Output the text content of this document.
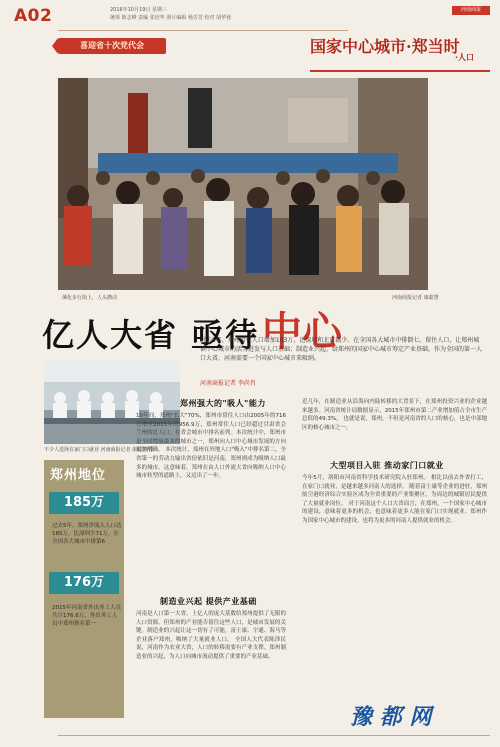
A02	2016年10月19日 星期三
统筹 陈志峰 责编 张培华 照片编辑 杨芳芳 校对 胡华蓉
喜迎省十次党代会
河南商报
国家中心城市·郑当时
·人口
漯化步行街上，人头攒动	河南商报记者 康聪慧
亿人大省 亟待 中心
过去5年，郑州常住人口增加103万，比深圳和北京都少。在全国各大城市中排倒七。留住人口，让郑州城镇中心城市的活力迸发与人口基础；制造业兴起，给郑州的国家中心城市筹定产业基础。作为全国的第一人口大省，河南需要一个国家中心城市来吸纳。
河南商报记者 李尚肖
不少人选择在家门口就业 河南商报记者 康聪慧/摄
郑州地位
185万
过去5年，郑州净流入人口达185万，比深圳少71万，在全国各大城市中排第6
176万
2015年河南省外出务工人员共计176.6万，外出务工人员中郑州排名第一
郑州强大的"吸人"能力
10年间，郑州"长大"70%，郑州市常住人口由2005年的716万增至2015年的956.9万，郑州常住人口已经超过甘肃省会兰州的总人口，在省会城市中排名前列。本次统计中，郑州市是全国增量最多的城市之一，郑州向人口中心城市发展的方向更加明确。 本次统计，郑州在外地人口"吸入"中排名第二，全省第一的劳动力输出省份依旧是河南，郑州则成为吸纳人口最多的城市。这意味着，郑州在由人口外流大省向吸纳人口中心城市转型的道路上，又迈出了一步。
制造业兴起 提供产业基础
河南是人口第一大省，上亿人的庞大基数给郑州提供了无限的人口资源。但郑州的产业能否留住这些人口，是城市发展的关键。制造业的兴起让这一切有了可能，富士康、宇通、海马等企业落户郑州，吸纳了大量就业人口。 全国人大代表陈泽民说，河南作为农业大省，人口的转移需要有产业支撑。郑州制造业的兴起，为人口向城市流动提供了重要的产业基础。
近几年，在制造业从沿海向内陆转移的大背景下，在郑州投资兴业的企业越来越多。河南省统计局数据显示，2015年郑州市第二产业增加值占全市生产总值的49.3%。 也就是说，郑州，不但是河南省的人口的核心，也是中部地区的核心城市之一。
大型项目入驻 推动家门口就业
今年5月，洛阳市河南省科学技术研究院入驻郑州。 相比以前去外省打工，在家门口就业，是越来越多河南人的选择。 随着富士康等企业的进驻，郑州航空港经济综合实验区成为全省重要的产业集聚区，为周边的城镇居民提供了大量就业岗位。 对于河南这个人口大省而言，在郑州，一个国家中心城市的建设，意味着更多的机会，也意味着更多人能在家门口实现就业。郑州作为国家中心城市的建设，也将为更多的河南人提供就业的机会。
豫 都 网
